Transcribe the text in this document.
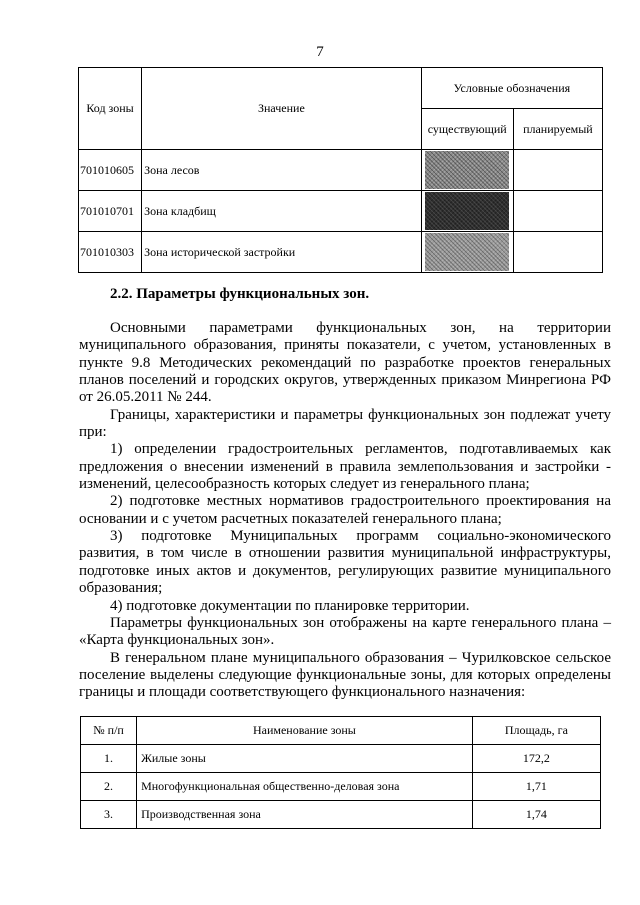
7
Код зоны	Значение	Условные обозначения	
		существующий	планируемый
701010605	Зона лесов	

701010701	Зона кладбищ	

701010303	Зона исторической застройки	

2.2. Параметры функциональных зон.

Основными параметрами функциональных зон, на территории муниципального образования, приняты показатели, с учетом, установленных в пункте 9.8 Методических рекомендаций по разработке проектов генеральных планов поселений и городских округов, утвержденных приказом Минрегиона РФ от 26.05.2011 № 244.

Границы, характеристики и параметры функциональных зон подлежат учету при:

1) определении градостроительных регламентов, подготавливаемых как предложения о внесении изменений в правила землепользования и застройки - изменений, целесообразность которых следует из генерального плана;

2) подготовке местных нормативов градостроительного проектирования на основании и с учетом расчетных показателей генерального плана;

3) подготовке Муниципальных программ социально-экономического развития, в том числе в отношении развития муниципальной инфраструктуры, подготовке иных актов и документов, регулирующих развитие муниципального образования;

4) подготовке документации по планировке территории.

Параметры функциональных зон отображены на карте генерального плана – «Карта функциональных зон».

В генеральном плане муниципального образования – Чурилковское сельское поселение выделены следующие функциональные зоны, для которых определены границы и площади соответствующего функционального назначения:

№ п/п	Наименование зоны	Площадь, га
1.	Жилые зоны	172,2
2.	Многофункциональная общественно-деловая зона	1,71
3.	Производственная зона	1,74
